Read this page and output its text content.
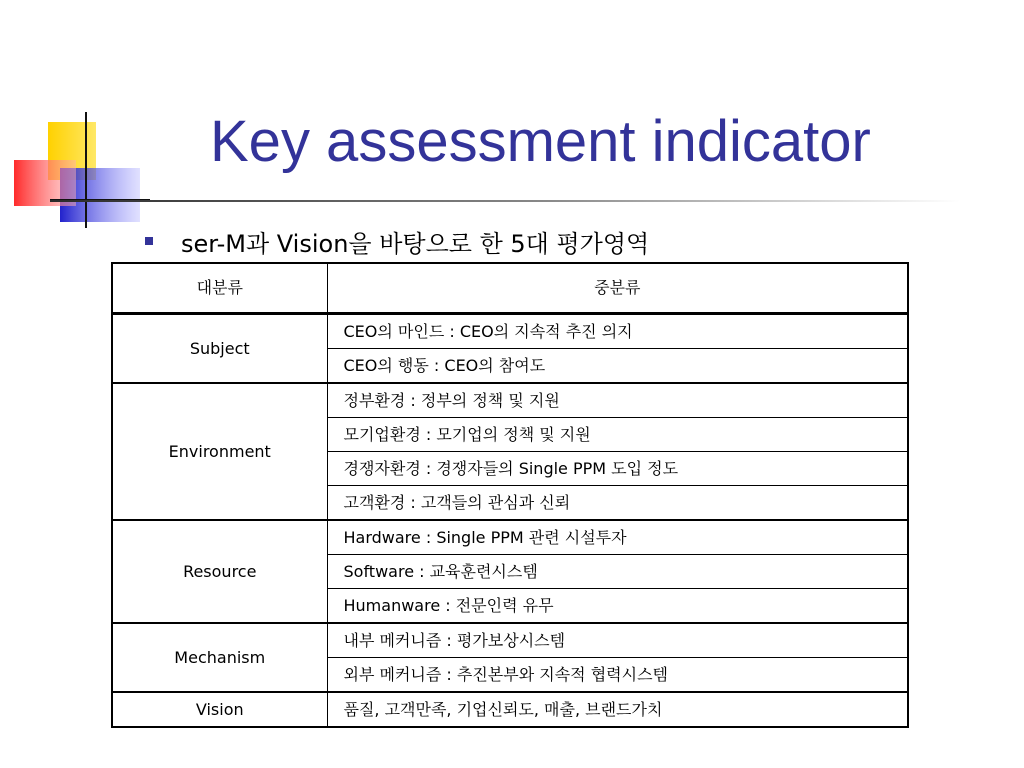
Key assessment indicator
ser-M과 Vision을 바탕으로 한 5대 평가영역
대분류	중분류
Subject	CEO의 마인드 : CEO의 지속적 추진 의지
	CEO의 행동 : CEO의 참여도
Environment	정부환경 : 정부의 정책 및 지원
	모기업환경 : 모기업의 정책 및 지원
	경쟁자환경 : 경쟁자들의 Single PPM 도입 정도
	고객환경 : 고객들의 관심과 신뢰
Resource	Hardware : Single PPM 관련 시설투자
	Software : 교육훈련시스템
	Humanware : 전문인력 유무
Mechanism	내부 메커니즘 : 평가보상시스템
	외부 메커니즘 : 추진본부와 지속적 협력시스템
Vision	품질, 고객만족, 기업신뢰도, 매출, 브랜드가치
